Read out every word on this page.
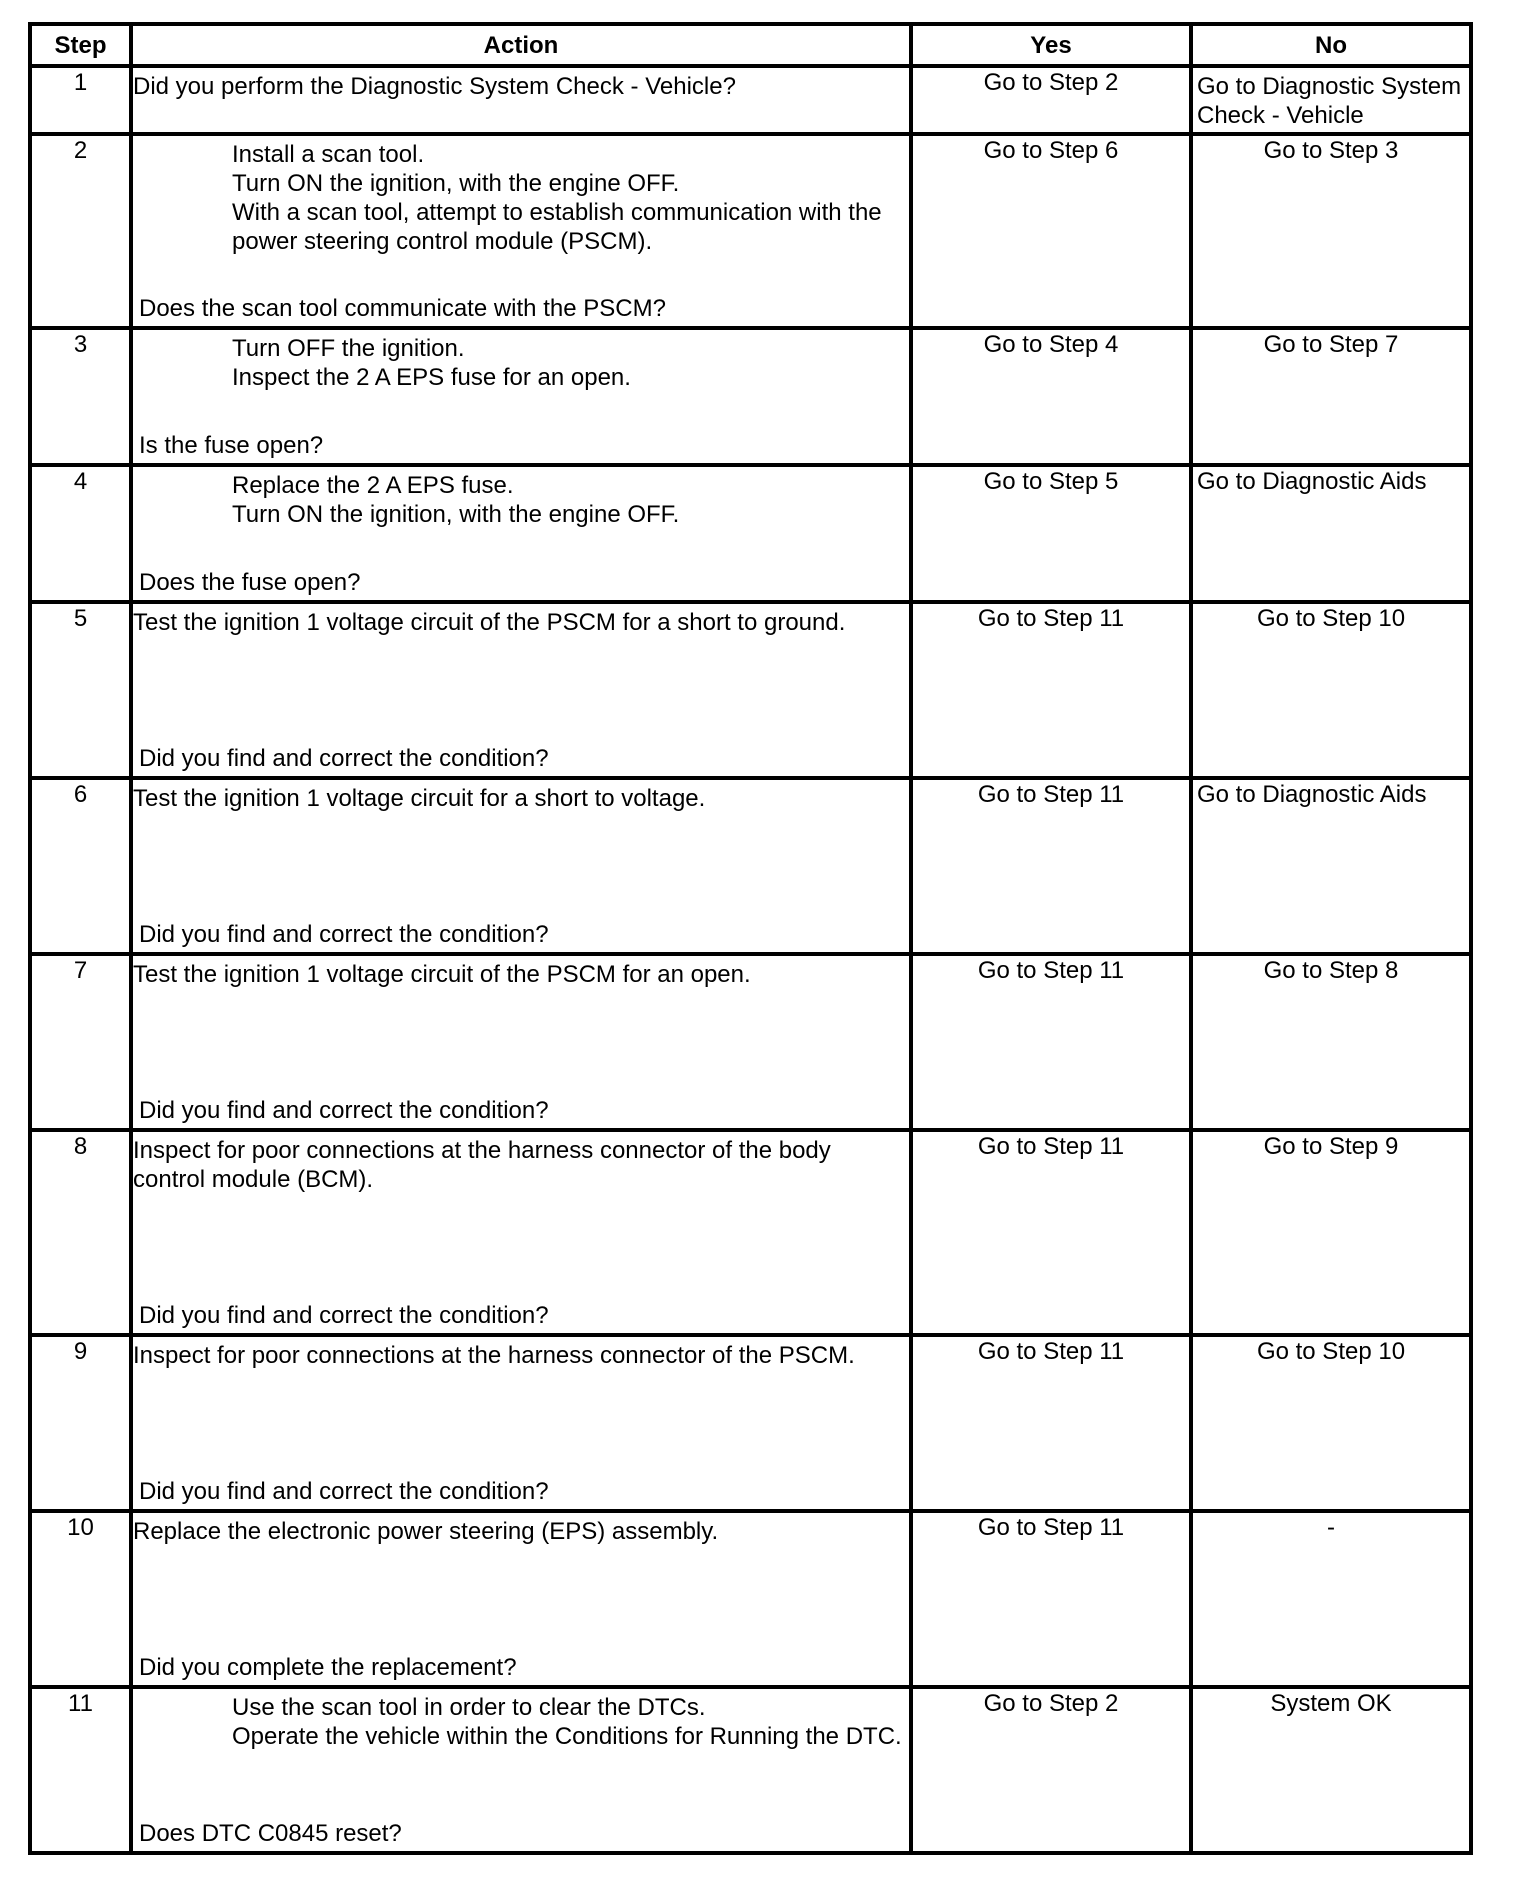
Step	Action	Yes	No
1	Did you perform the Diagnostic System Check - Vehicle?	Go to Step 2	Go to Diagnostic System Check - Vehicle
2	Install a scan tool.
Turn ON the ignition, with the engine OFF.
With a scan tool, attempt to establish communication with the power steering control module (PSCM).
Does the scan tool communicate with the PSCM?	Go to Step 6	Go to Step 3
3	Turn OFF the ignition.
Inspect the 2 A EPS fuse for an open.
Is the fuse open?	Go to Step 4	Go to Step 7
4	Replace the 2 A EPS fuse.
Turn ON the ignition, with the engine OFF.
Does the fuse open?	Go to Step 5	Go to Diagnostic Aids
5	Test the ignition 1 voltage circuit of the PSCM for a short to ground.
Did you find and correct the condition?	Go to Step 11	Go to Step 10
6	Test the ignition 1 voltage circuit for a short to voltage.
Did you find and correct the condition?	Go to Step 11	Go to Diagnostic Aids
7	Test the ignition 1 voltage circuit of the PSCM for an open.
Did you find and correct the condition?	Go to Step 11	Go to Step 8
8	Inspect for poor connections at the harness connector of the body control module (BCM).
Did you find and correct the condition?	Go to Step 11	Go to Step 9
9	Inspect for poor connections at the harness connector of the PSCM.
Did you find and correct the condition?	Go to Step 11	Go to Step 10
10	Replace the electronic power steering (EPS) assembly.
Did you complete the replacement?	Go to Step 11	-
11	Use the scan tool in order to clear the DTCs.
Operate the vehicle within the Conditions for Running the DTC.
Does DTC C0845 reset?	Go to Step 2	System OK
